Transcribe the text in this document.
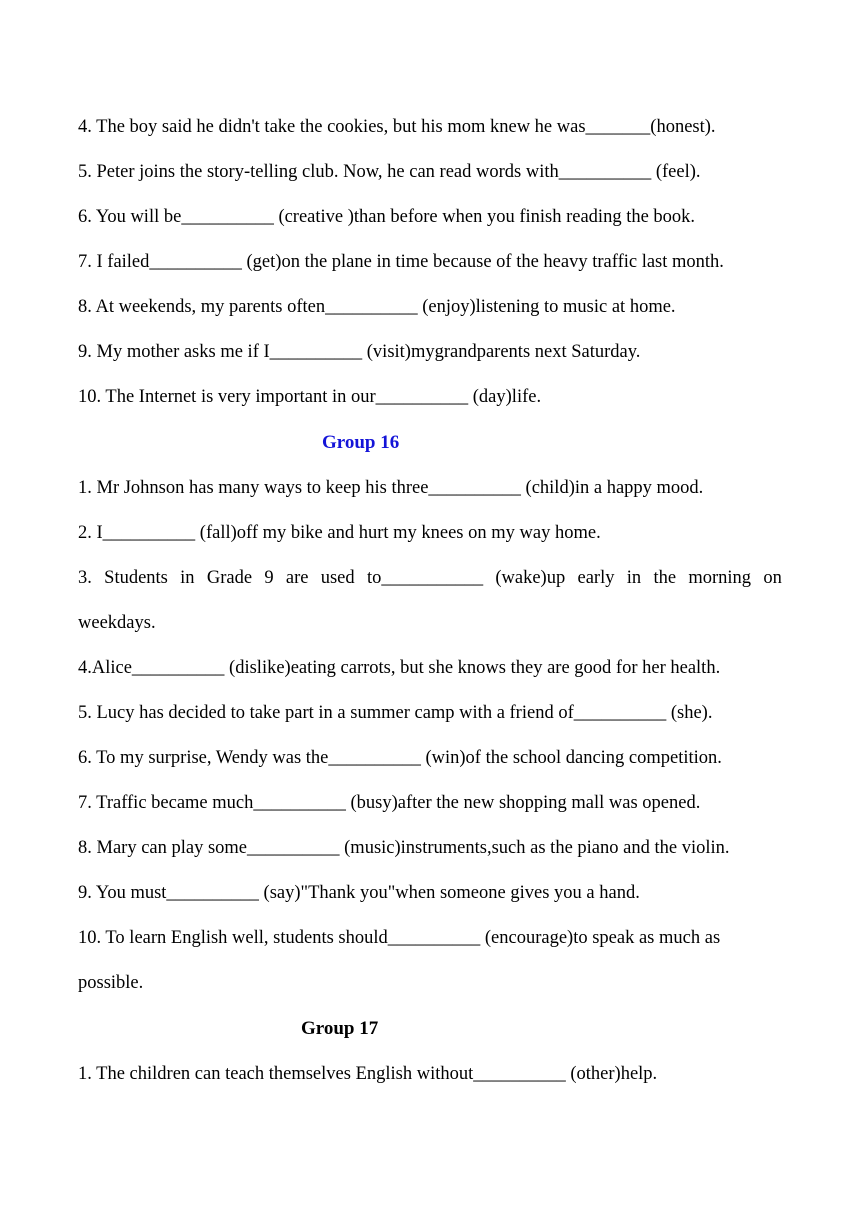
4. The boy said he didn't take the cookies, but his mom knew he was_______(honest).
5. Peter joins the story-telling club. Now, he can read words with__________ (feel).
6. You will be__________ (creative )than before when you finish reading the book.
7. I failed__________ (get)on the plane in time because of the heavy traffic last month.
8. At weekends, my parents often__________ (enjoy)listening to music at home.
9. My mother asks me if I__________ (visit)mygrandparents next Saturday.
10. The Internet is very important in our__________ (day)life.
Group 16
1. Mr Johnson has many ways to keep his three__________ (child)in a happy mood.
2. I__________ (fall)off my bike and hurt my knees on my way home.
3. Students in Grade 9 are used to___________ (wake)up early in the morning on
weekdays.
4.Alice__________ (dislike)eating carrots, but she knows they are good for her health.
5. Lucy has decided to take part in a summer camp with a friend of__________ (she).
6. To my surprise, Wendy was the__________ (win)of the school dancing competition.
7. Traffic became much__________ (busy)after the new shopping mall was opened.
8. Mary can play some__________ (music)instruments,such as the piano and the violin.
9. You must__________ (say)"Thank you"when someone gives you a hand.
10. To learn English well, students should__________ (encourage)to speak as much as
possible.
Group 17
1. The children can teach themselves English without__________ (other)help.
